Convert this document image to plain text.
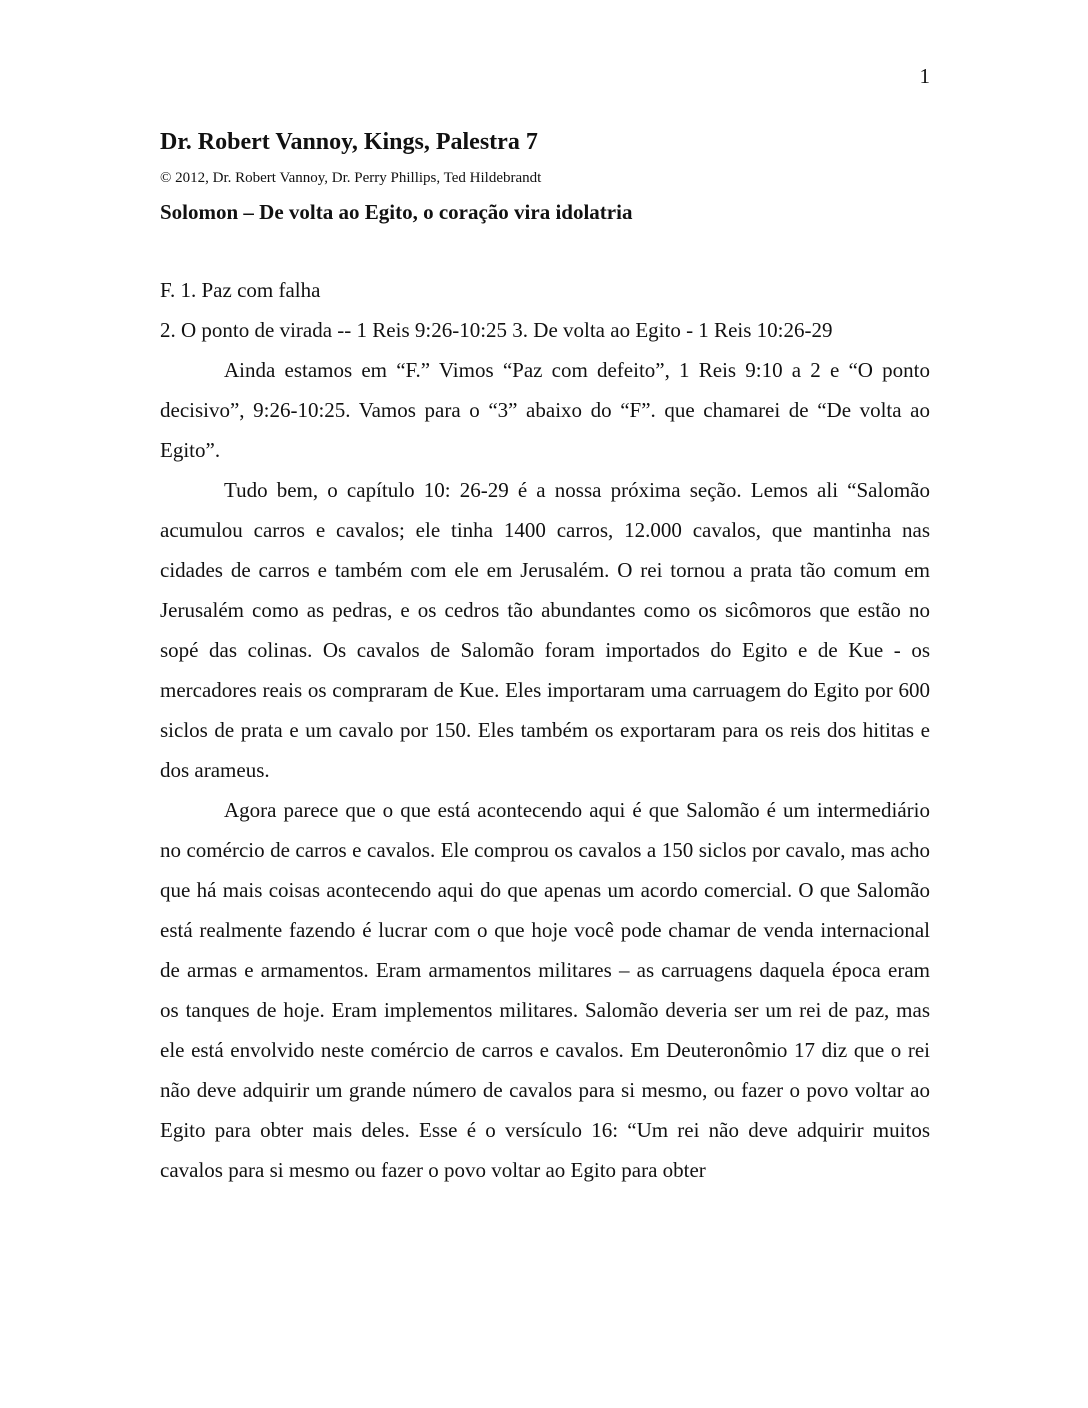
1
Dr. Robert Vannoy, Kings, Palestra 7
© 2012, Dr. Robert Vannoy, Dr. Perry Phillips, Ted Hildebrandt
Solomon – De volta ao Egito, o coração vira idolatria
F. 1. Paz com falha
2. O ponto de virada -- 1 Reis 9:26-10:25 3. De volta ao Egito - 1 Reis 10:26-29

Ainda estamos em “F.” Vimos “Paz com defeito”, 1 Reis 9:10 a 2 e “O ponto decisivo”, 9:26-10:25. Vamos para o “3” abaixo do “F”. que chamarei de “De volta ao Egito”.

Tudo bem, o capítulo 10: 26-29 é a nossa próxima seção. Lemos ali “Salomão acumulou carros e cavalos; ele tinha 1400 carros, 12.000 cavalos, que mantinha nas cidades de carros e também com ele em Jerusalém. O rei tornou a prata tão comum em Jerusalém como as pedras, e os cedros tão abundantes como os sicômoros que estão no sopé das colinas. Os cavalos de Salomão foram importados do Egito e de Kue - os mercadores reais os compraram de Kue. Eles importaram uma carruagem do Egito por 600 siclos de prata e um cavalo por 150. Eles também os exportaram para os reis dos hititas e dos arameus.

Agora parece que o que está acontecendo aqui é que Salomão é um intermediário no comércio de carros e cavalos. Ele comprou os cavalos a 150 siclos por cavalo, mas acho que há mais coisas acontecendo aqui do que apenas um acordo comercial. O que Salomão está realmente fazendo é lucrar com o que hoje você pode chamar de venda internacional de armas e armamentos. Eram armamentos militares – as carruagens daquela época eram os tanques de hoje. Eram implementos militares. Salomão deveria ser um rei de paz, mas ele está envolvido neste comércio de carros e cavalos. Em Deuteronômio 17 diz que o rei não deve adquirir um grande número de cavalos para si mesmo, ou fazer o povo voltar ao Egito para obter mais deles. Esse é o versículo 16: “Um rei não deve adquirir muitos cavalos para si mesmo ou fazer o povo voltar ao Egito para obter
